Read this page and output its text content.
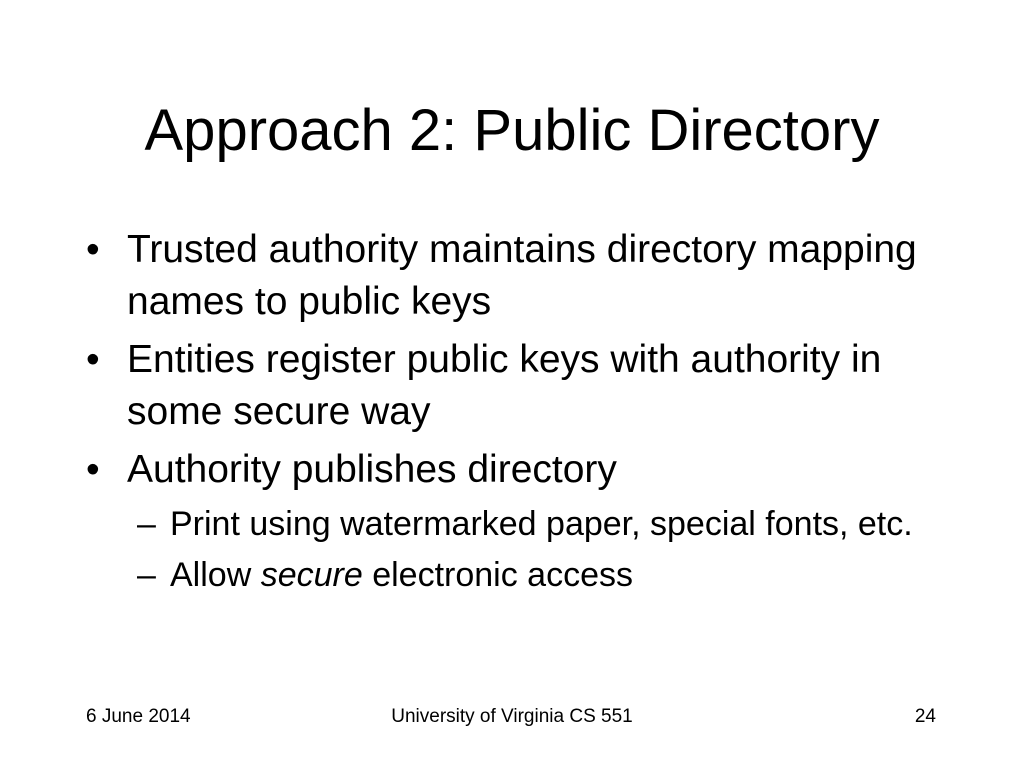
Approach 2: Public Directory
• Trusted authority maintains directory mapping names to public keys
• Entities register public keys with authority in some secure way
• Authority publishes directory
– Print using watermarked paper, special fonts, etc.
– Allow secure electronic access
6 June 2014	University of Virginia CS 551	24
